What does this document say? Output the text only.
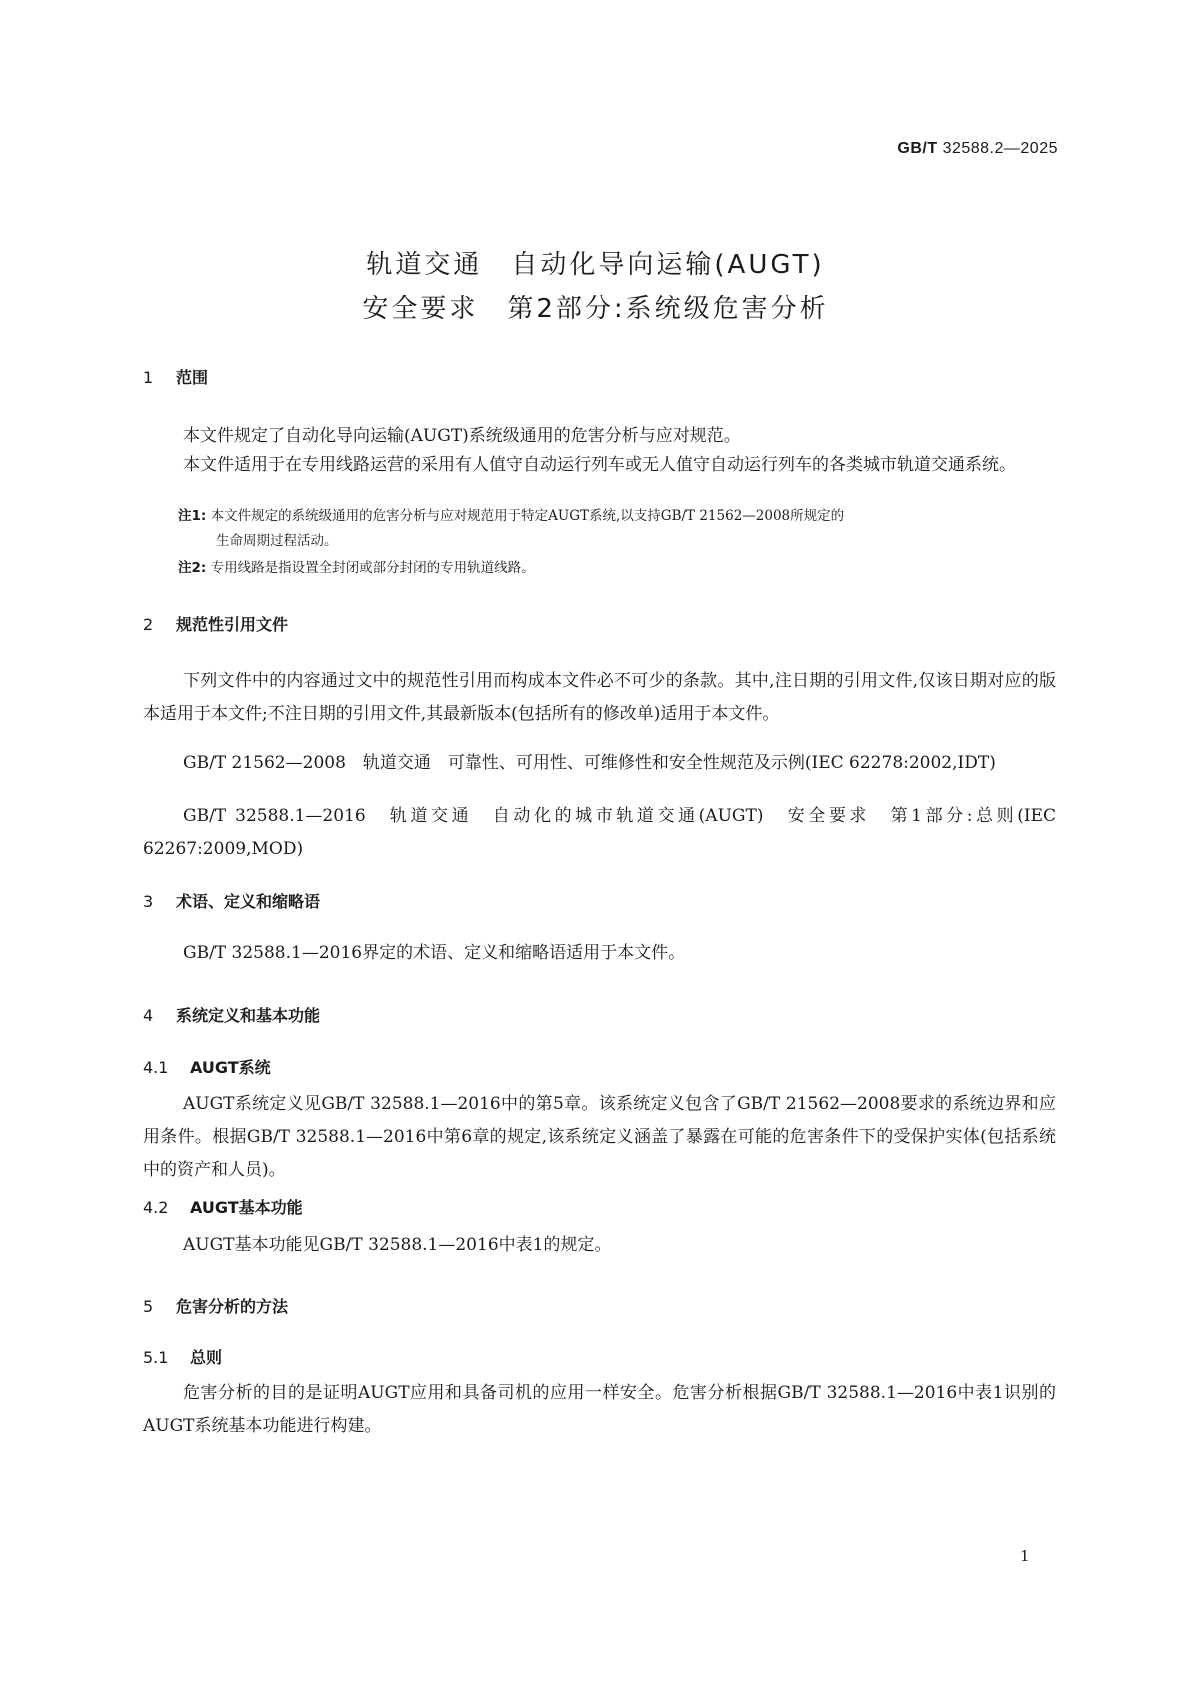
GB/T 32588.2—2025
轨道交通　自动化导向运输(AUGT)
安全要求　第2部分:系统级危害分析
1 范围
本文件规定了自动化导向运输(AUGT)系统级通用的危害分析与应对规范。
本文件适用于在专用线路运营的采用有人值守自动运行列车或无人值守自动运行列车的各类城市轨道交通系统。
注1: 本文件规定的系统级通用的危害分析与应对规范用于特定AUGT系统,以支持GB/T 21562—2008所规定的
生命周期过程活动。
注2: 专用线路是指设置全封闭或部分封闭的专用轨道线路。
2 规范性引用文件
下列文件中的内容通过文中的规范性引用而构成本文件必不可少的条款。其中,注日期的引用文件,仅该日期对应的版本适用于本文件;不注日期的引用文件,其最新版本(包括所有的修改单)适用于本文件。
GB/T 21562—2008　轨道交通　可靠性、可用性、可维修性和安全性规范及示例(IEC 62278:2002,IDT)
GB/T 32588.1—2016　轨道交通　自动化的城市轨道交通(AUGT)　安全要求　第1部分:总则(IEC 62267:2009,MOD)
3 术语、定义和缩略语
GB/T 32588.1—2016界定的术语、定义和缩略语适用于本文件。
4 系统定义和基本功能
4.1 AUGT系统
AUGT系统定义见GB/T 32588.1—2016中的第5章。该系统定义包含了GB/T 21562—2008要求的系统边界和应用条件。根据GB/T 32588.1—2016中第6章的规定,该系统定义涵盖了暴露在可能的危害条件下的受保护实体(包括系统中的资产和人员)。
4.2 AUGT基本功能
AUGT基本功能见GB/T 32588.1—2016中表1的规定。
5 危害分析的方法
5.1 总则
危害分析的目的是证明AUGT应用和具备司机的应用一样安全。危害分析根据GB/T 32588.1—2016中表1识别的AUGT系统基本功能进行构建。
1
